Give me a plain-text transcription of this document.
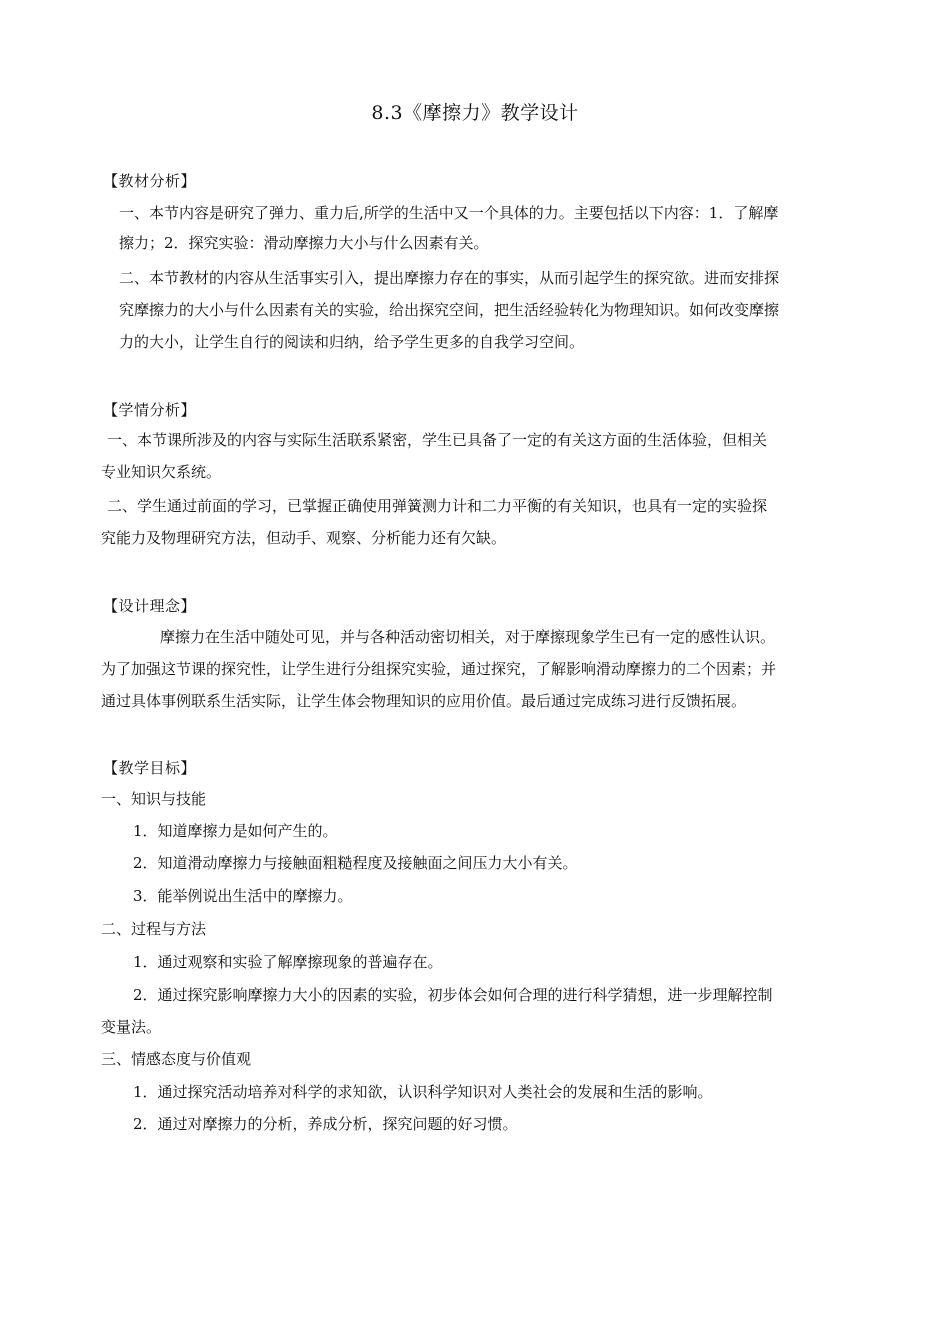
8.3《摩擦力》教学设计
【教材分析】
一、本节内容是研究了弹力、重力后,所学的生活中又一个具体的力。主要包括以下内容：1．了解摩
擦力；2．探究实验：滑动摩擦力大小与什么因素有关。
二、本节教材的内容从生活事实引入，提出摩擦力存在的事实，从而引起学生的探究欲。进而安排探
究摩擦力的大小与什么因素有关的实验，给出探究空间，把生活经验转化为物理知识。如何改变摩擦
力的大小，让学生自行的阅读和归纳，给予学生更多的自我学习空间。
【学情分析】
一、本节课所涉及的内容与实际生活联系紧密，学生已具备了一定的有关这方面的生活体验，但相关
专业知识欠系统。
二、学生通过前面的学习，已掌握正确使用弹簧测力计和二力平衡的有关知识，也具有一定的实验探
究能力及物理研究方法，但动手、观察、分析能力还有欠缺。
【设计理念】
摩擦力在生活中随处可见，并与各种活动密切相关，对于摩擦现象学生已有一定的感性认识。
为了加强这节课的探究性，让学生进行分组探究实验，通过探究，了解影响滑动摩擦力的二个因素；并
通过具体事例联系生活实际，让学生体会物理知识的应用价值。最后通过完成练习进行反馈拓展。
【教学目标】
一、知识与技能
1．知道摩擦力是如何产生的。
2．知道滑动摩擦力与接触面粗糙程度及接触面之间压力大小有关。
3．能举例说出生活中的摩擦力。
二、过程与方法
1．通过观察和实验了解摩擦现象的普遍存在。
2．通过探究影响摩擦力大小的因素的实验，初步体会如何合理的进行科学猜想，进一步理解控制
变量法。
三、情感态度与价值观
1．通过探究活动培养对科学的求知欲，认识科学知识对人类社会的发展和生活的影响。
2．通过对摩擦力的分析，养成分析，探究问题的好习惯。
